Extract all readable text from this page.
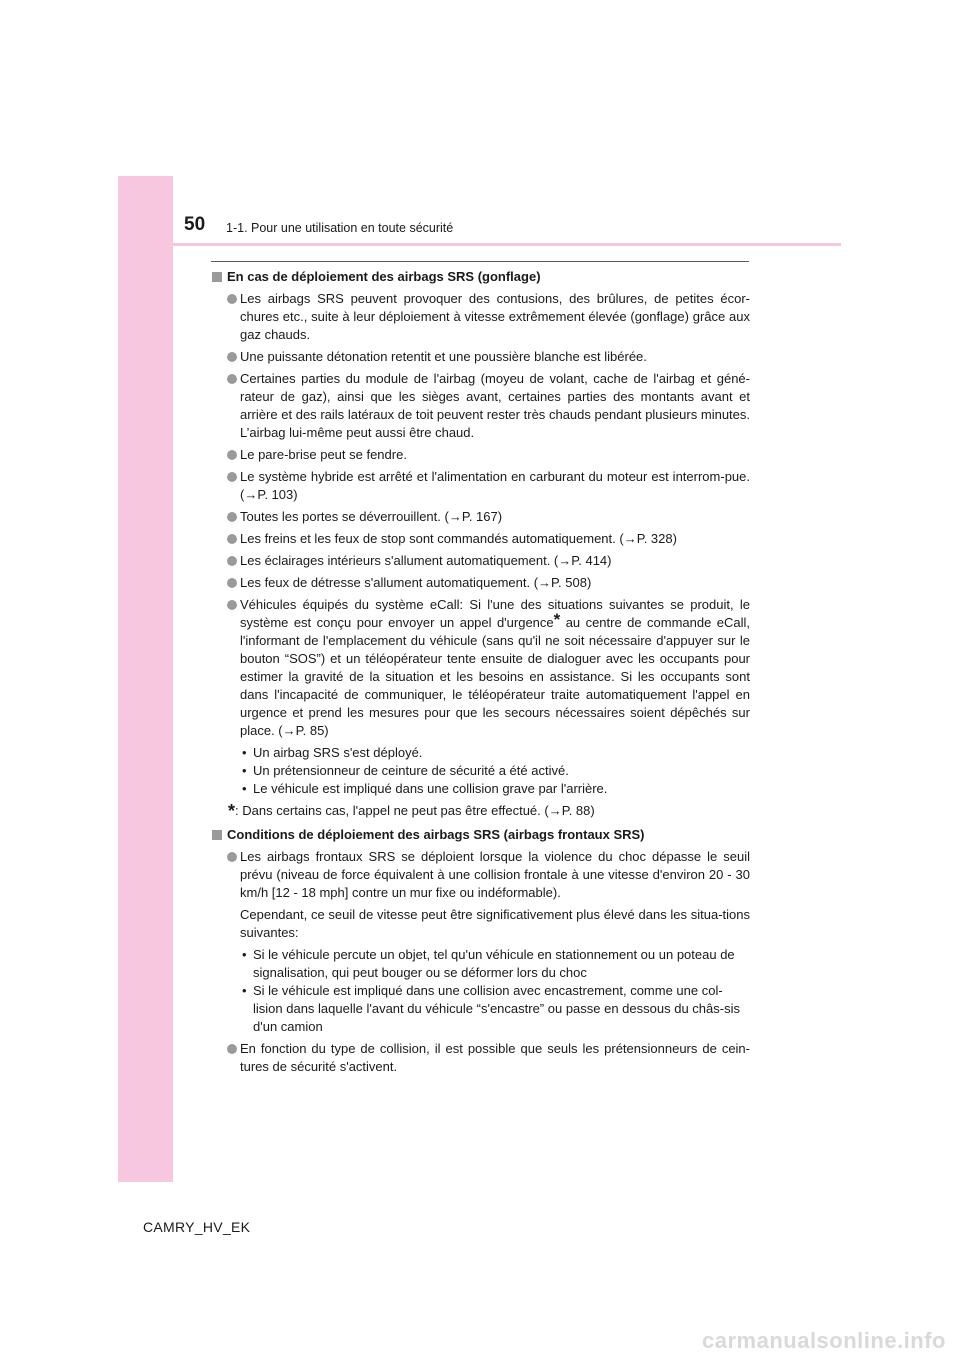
50 1-1. Pour une utilisation en toute sécurité
En cas de déploiement des airbags SRS (gonflage)
Les airbags SRS peuvent provoquer des contusions, des brûlures, de petites écor-chures etc., suite à leur déploiement à vitesse extrêmement élevée (gonflage) grâce aux gaz chauds.
Une puissante détonation retentit et une poussière blanche est libérée.
Certaines parties du module de l'airbag (moyeu de volant, cache de l'airbag et géné-rateur de gaz), ainsi que les sièges avant, certaines parties des montants avant et arrière et des rails latéraux de toit peuvent rester très chauds pendant plusieurs minutes. L’airbag lui-même peut aussi être chaud.
Le pare-brise peut se fendre.
Le système hybride est arrêté et l'alimentation en carburant du moteur est interrom-pue. (→P. 103)
Toutes les portes se déverrouillent. (→P. 167)
Les freins et les feux de stop sont commandés automatiquement. (→P. 328)
Les éclairages intérieurs s'allument automatiquement. (→P. 414)
Les feux de détresse s'allument automatiquement. (→P. 508)
Véhicules équipés du système eCall: Si l'une des situations suivantes se produit, le système est conçu pour envoyer un appel d'urgence* au centre de commande eCall, l'informant de l'emplacement du véhicule (sans qu'il ne soit nécessaire d'appuyer sur le bouton “SOS”) et un téléopérateur tente ensuite de dialoguer avec les occupants pour estimer la gravité de la situation et les besoins en assistance. Si les occupants sont dans l'incapacité de communiquer, le téléopérateur traite automatiquement l'appel en urgence et prend les mesures pour que les secours nécessaires soient dépêchés sur place. (→P. 85)
• Un airbag SRS s'est déployé.
• Un prétensionneur de ceinture de sécurité a été activé.
• Le véhicule est impliqué dans une collision grave par l'arrière.
*: Dans certains cas, l'appel ne peut pas être effectué. (→P. 88)
Conditions de déploiement des airbags SRS (airbags frontaux SRS)
Les airbags frontaux SRS se déploient lorsque la violence du choc dépasse le seuil prévu (niveau de force équivalent à une collision frontale à une vitesse d'environ 20 - 30 km/h [12 - 18 mph] contre un mur fixe ou indéformable).
Cependant, ce seuil de vitesse peut être significativement plus élevé dans les situa-tions suivantes:
• Si le véhicule percute un objet, tel qu'un véhicule en stationnement ou un poteau de signalisation, qui peut bouger ou se déformer lors du choc
• Si le véhicule est impliqué dans une collision avec encastrement, comme une col-lision dans laquelle l'avant du véhicule “s'encastre” ou passe en dessous du châs-sis d'un camion
En fonction du type de collision, il est possible que seuls les prétensionneurs de cein-tures de sécurité s'activent.
CAMRY_HV_EK
carmanualsonline.info
